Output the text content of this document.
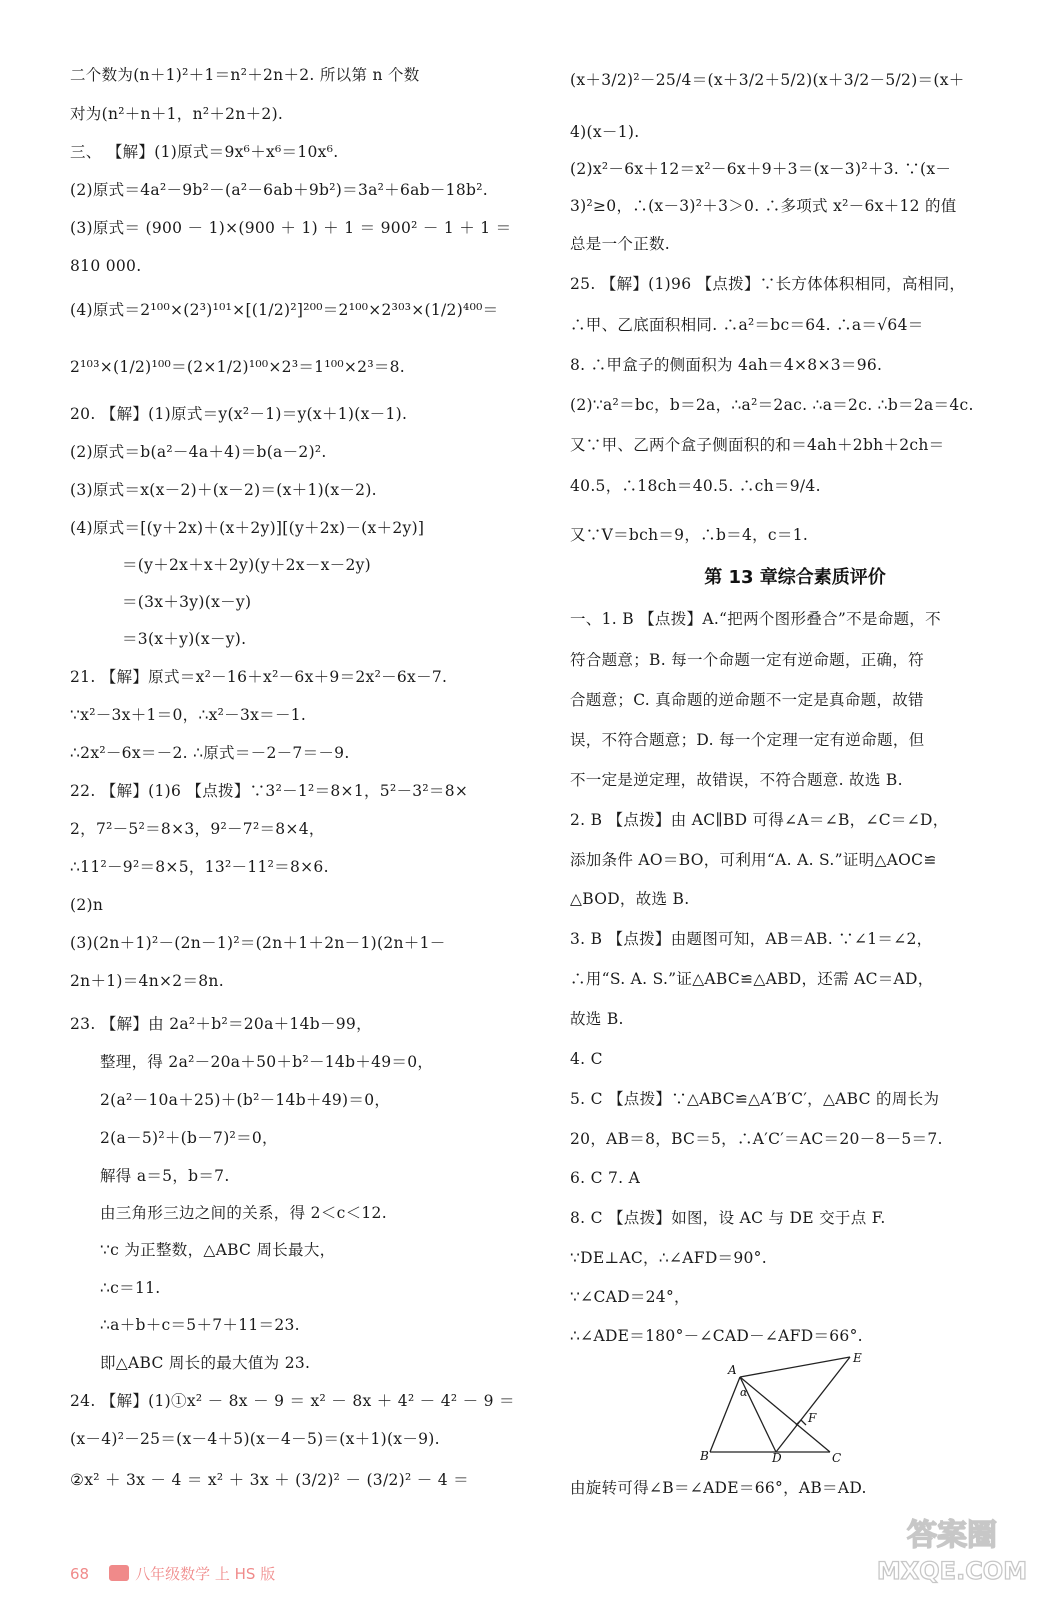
二个数为(n＋1)²＋1＝n²＋2n＋2. 所以第 n 个数
对为(n²＋n＋1，n²＋2n＋2).
三、 【解】(1)原式＝9x⁶＋x⁶＝10x⁶.
(2)原式＝4a²－9b²－(a²－6ab＋9b²)＝3a²＋6ab－18b².
(3)原式＝ (900 － 1)×(900 ＋ 1) ＋ 1 ＝ 900² － 1 ＋ 1 ＝
810 000.
(4)原式＝2¹⁰⁰×(2³)¹⁰¹×[(1/2)²]²⁰⁰＝2¹⁰⁰×2³⁰³×(1/2)⁴⁰⁰＝
2¹⁰³×(1/2)¹⁰⁰＝(2×1/2)¹⁰⁰×2³＝1¹⁰⁰×2³＝8.
20. 【解】(1)原式＝y(x²－1)＝y(x＋1)(x－1).
(2)原式＝b(a²－4a＋4)＝b(a－2)².
(3)原式＝x(x－2)＋(x－2)＝(x＋1)(x－2).
(4)原式＝[(y＋2x)＋(x＋2y)][(y＋2x)－(x＋2y)]
＝(y＋2x＋x＋2y)(y＋2x－x－2y)
＝(3x＋3y)(x－y)
＝3(x＋y)(x－y).
21. 【解】原式＝x²－16＋x²－6x＋9＝2x²－6x－7.
∵x²－3x＋1＝0，∴x²－3x＝－1.
∴2x²－6x＝－2. ∴原式＝－2－7＝－9.
22. 【解】(1)6 【点拨】∵3²－1²＝8×1，5²－3²＝8×
2，7²－5²＝8×3，9²－7²＝8×4，
∴11²－9²＝8×5，13²－11²＝8×6.
(2)n
(3)(2n＋1)²－(2n－1)²＝(2n＋1＋2n－1)(2n＋1－
2n＋1)＝4n×2＝8n.
23. 【解】由 2a²＋b²＝20a＋14b－99，
整理，得 2a²－20a＋50＋b²－14b＋49＝0，
2(a²－10a＋25)＋(b²－14b＋49)＝0，
2(a－5)²＋(b－7)²＝0，
解得 a＝5，b＝7.
由三角形三边之间的关系，得 2＜c＜12.
∵c 为正整数，△ABC 周长最大，
∴c＝11.
∴a＋b＋c＝5＋7＋11＝23.
即△ABC 周长的最大值为 23.
24. 【解】(1)①x² － 8x － 9 ＝ x² － 8x ＋ 4² － 4² － 9 ＝
(x－4)²－25＝(x－4＋5)(x－4－5)＝(x＋1)(x－9).
②x² ＋ 3x － 4 ＝ x² ＋ 3x ＋ (3/2)² － (3/2)² － 4 ＝
(x＋3/2)²－25/4＝(x＋3/2＋5/2)(x＋3/2－5/2)＝(x＋
4)(x－1).
(2)x²－6x＋12＝x²－6x＋9＋3＝(x－3)²＋3. ∵(x－
3)²≥0，∴(x－3)²＋3＞0. ∴多项式 x²－6x＋12 的值
总是一个正数.
25. 【解】(1)96 【点拨】∵长方体体积相同，高相同，
∴甲、乙底面积相同. ∴a²＝bc＝64. ∴a＝√64＝
8. ∴甲盒子的侧面积为 4ah＝4×8×3＝96.
(2)∵a²＝bc，b＝2a，∴a²＝2ac. ∴a＝2c. ∴b＝2a＝4c.
又∵甲、乙两个盒子侧面积的和＝4ah＋2bh＋2ch＝
40.5，∴18ch＝40.5. ∴ch＝9/4.
又∵V＝bch＝9，∴b＝4，c＝1.
第 13 章综合素质评价
一、1. B 【点拨】A.“把两个图形叠合”不是命题，不
符合题意；B. 每一个命题一定有逆命题，正确，符
合题意；C. 真命题的逆命题不一定是真命题，故错
误，不符合题意；D. 每一个定理一定有逆命题，但
不一定是逆定理，故错误，不符合题意. 故选 B.
2. B 【点拨】由 AC∥BD 可得∠A＝∠B，∠C＝∠D，
添加条件 AO＝BO，可利用“A. A. S.”证明△AOC≌
△BOD，故选 B.
3. B 【点拨】由题图可知，AB＝AB. ∵∠1＝∠2，
∴用“S. A. S.”证△ABC≌△ABD，还需 AC＝AD，
故选 B.
4. C
5. C 【点拨】∵△ABC≌△A′B′C′，△ABC 的周长为
20，AB＝8，BC＝5，∴A′C′＝AC＝20－8－5＝7.
6. C 7. A
8. C 【点拨】如图，设 AC 与 DE 交于点 F.
∵DE⊥AC，∴∠AFD＝90°.
∵∠CAD＝24°，
∴∠ADE＝180°－∠CAD－∠AFD＝66°.
A
E
F
B	D	C
α
由旋转可得∠B＝∠ADE＝66°，AB＝AD.
68	八年级数学 上 HS 版
答案圈
MXQE.COM
